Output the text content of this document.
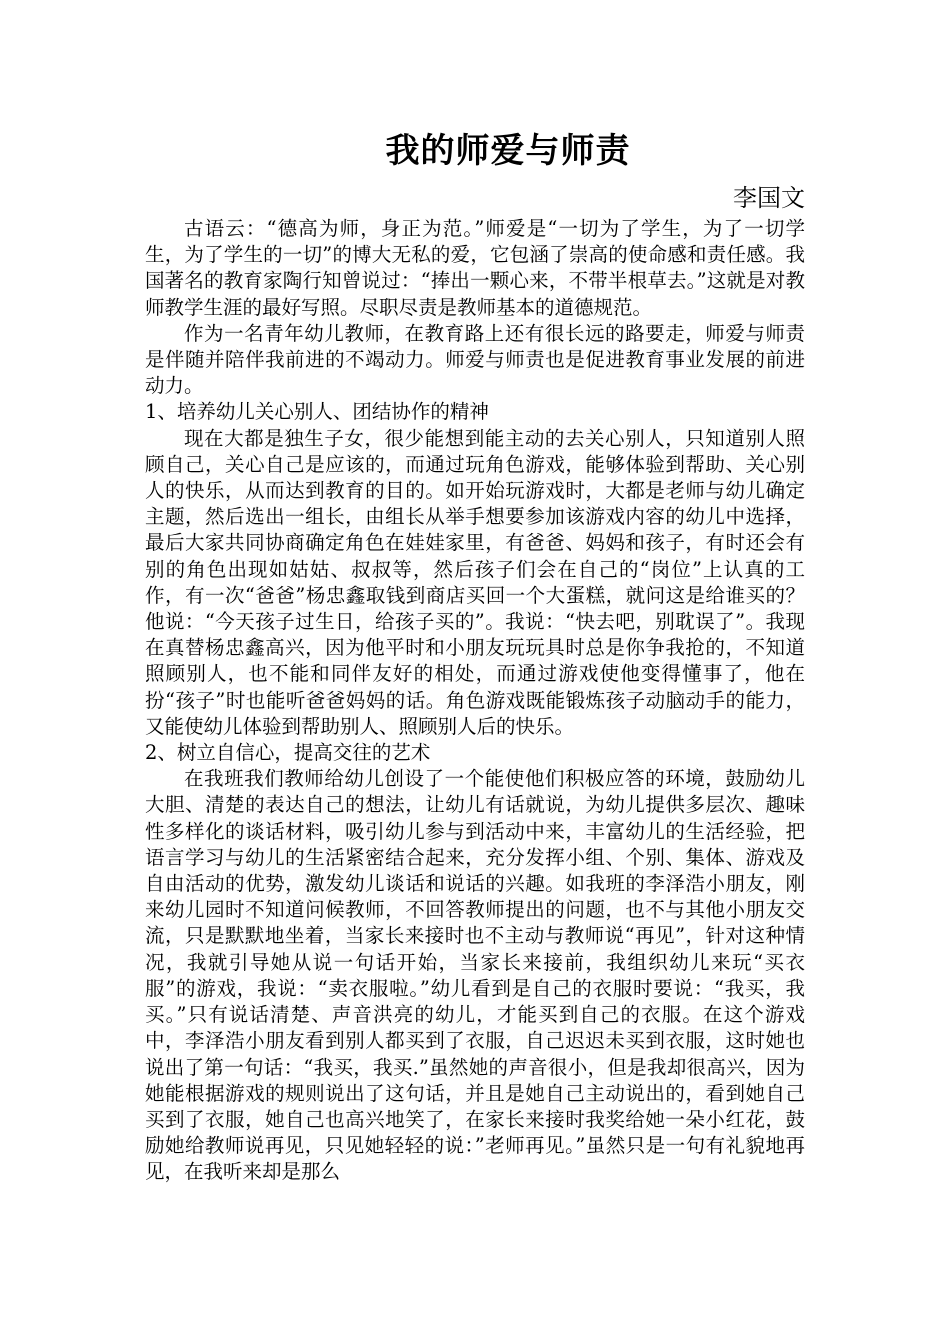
我的师爱与师责
李国文

古语云：“德高为师，身正为范。”师爱是“一切为了学生，为了一切学生，为了学生的一切”的博大无私的爱，它包涵了崇高的使命感和责任感。我国著名的教育家陶行知曾说过：“捧出一颗心来，不带半根草去。”这就是对教师教学生涯的最好写照。尽职尽责是教师基本的道德规范。

作为一名青年幼儿教师，在教育路上还有很长远的路要走，师爱与师责是伴随并陪伴我前进的不竭动力。师爱与师责也是促进教育事业发展的前进动力。

1、培养幼儿关心别人、团结协作的精神

现在大都是独生子女，很少能想到能主动的去关心别人，只知道别人照顾自己，关心自己是应该的，而通过玩角色游戏，能够体验到帮助、关心别人的快乐，从而达到教育的目的。如开始玩游戏时，大都是老师与幼儿确定主题，然后选出一组长，由组长从举手想要参加该游戏内容的幼儿中选择，最后大家共同协商确定角色在娃娃家里，有爸爸、妈妈和孩子，有时还会有别的角色出现如姑姑、叔叔等，然后孩子们会在自己的“岗位”上认真的工作，有一次“爸爸”杨忠鑫取钱到商店买回一个大蛋糕，就问这是给谁买的？他说：“今天孩子过生日，给孩子买的”。我说：“快去吧，别耽误了”。我现在真替杨忠鑫高兴，因为他平时和小朋友玩玩具时总是你争我抢的，不知道照顾别人，也不能和同伴友好的相处，而通过游戏使他变得懂事了，他在扮“孩子”时也能听爸爸妈妈的话。角色游戏既能锻炼孩子动脑动手的能力，又能使幼儿体验到帮助别人、照顾别人后的快乐。

2、树立自信心，提高交往的艺术

在我班我们教师给幼儿创设了一个能使他们积极应答的环境，鼓励幼儿大胆、清楚的表达自己的想法，让幼儿有话就说，为幼儿提供多层次、趣味性多样化的谈话材料，吸引幼儿参与到活动中来，丰富幼儿的生活经验，把语言学习与幼儿的生活紧密结合起来，充分发挥小组、个别、集体、游戏及自由活动的优势，激发幼儿谈话和说话的兴趣。如我班的李泽浩小朋友，刚来幼儿园时不知道问候教师，不回答教师提出的问题，也不与其他小朋友交流，只是默默地坐着，当家长来接时也不主动与教师说“再见”，针对这种情况，我就引导她从说一句话开始，当家长来接前，我组织幼儿来玩“买衣服”的游戏，我说：“卖衣服啦。”幼儿看到是自己的衣服时要说：“我买，我买。”只有说话清楚、声音洪亮的幼儿，才能买到自己的衣服。在这个游戏中，李泽浩小朋友看到别人都买到了衣服，自己迟迟未买到衣服，这时她也说出了第一句话：“我买，我买.”虽然她的声音很小，但是我却很高兴，因为她能根据游戏的规则说出了这句话，并且是她自己主动说出的，看到她自己买到了衣服，她自己也高兴地笑了，在家长来接时我奖给她一朵小红花，鼓励她给教师说再见，只见她轻轻的说：”老师再见。”虽然只是一句有礼貌地再见，在我听来却是那么
